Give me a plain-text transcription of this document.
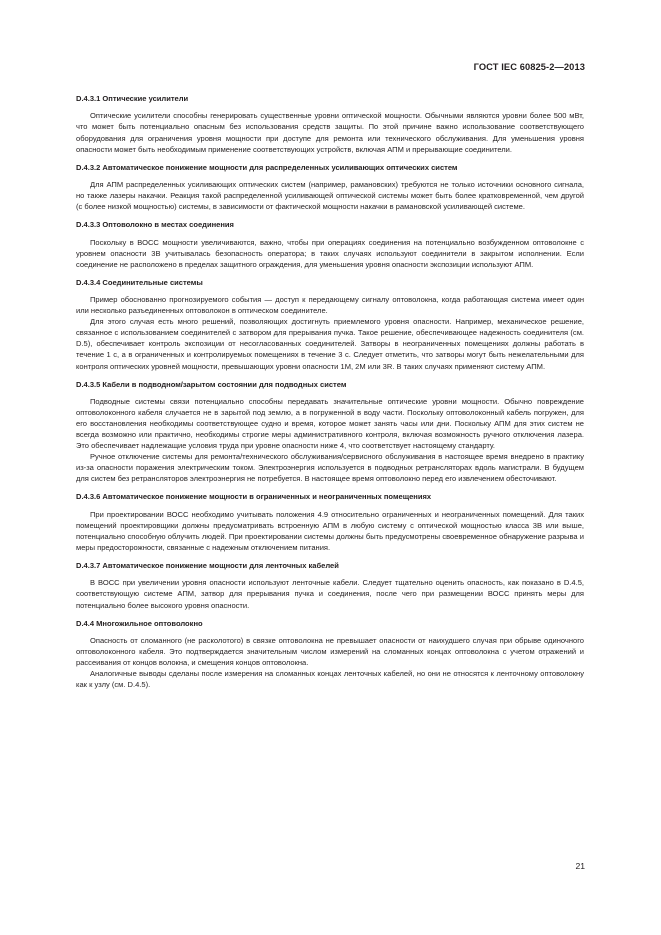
ГОСТ IEC 60825-2—2013
D.4.3.1 Оптические усилители

Оптические усилители способны генерировать существенные уровни оптической мощности. Обычными являются уровни более 500 мВт, что может быть потенциально опасным без использования средств защиты. По этой причине важно использование соответствующего оборудования для ограничения уровня мощности при доступе для ремонта или технического обслуживания. Для уменьшения уровня опасности может быть необходимым применение соответствующих устройств, включая АПМ и прерывающие соединители.

D.4.3.2 Автоматическое понижение мощности для распределенных усиливающих оптических систем

Для АПМ распределенных усиливающих оптических систем (например, рамановских) требуются не только источники основного сигнала, но также лазеры накачки. Реакция такой распределенной усиливающей оптической системы может быть более кратковременной, чем другой (с более низкой мощностью) системы, в зависимости от фактической мощности накачки в рамановской усиливающей системе.

D.4.3.3 Оптоволокно в местах соединения

Поскольку в ВОСС мощности увеличиваются, важно, чтобы при операциях соединения на потенциально возбужденном оптоволокне с уровнем опасности 3В учитывалась безопасность оператора; в таких случаях используют соединители в закрытом исполнении. Если соединение не расположено в пределах защитного ограждения, для уменьшения уровня опасности экспозиции используют АПМ.

D.4.3.4 Соединительные системы

Пример обоснованно прогнозируемого события — доступ к передающему сигналу оптоволокна, когда работающая система имеет один или несколько разъединенных оптоволокон в оптическом соединителе.

Для этого случая есть много решений, позволяющих достигнуть приемлемого уровня опасности. Например, механическое решение, связанное с использованием соединителей с затвором для прерывания пучка. Такое решение, обеспечивающее надежность соединителя (см. D.5), обеспечивает контроль экспозиции от несогласованных соединителей. Затворы в неограниченных помещениях должны работать в течение 1 с, а в ограниченных и контролируемых помещениях в течение 3 с. Следует отметить, что затворы могут быть нежелательными для контроля оптических уровней мощности, превышающих уровни опасности 1M, 2M или 3R. В таких случаях применяют систему АПМ.

D.4.3.5 Кабели в подводном/зарытом состоянии для подводных систем

Подводные системы связи потенциально способны передавать значительные оптические уровни мощности. Обычно повреждение оптоволоконного кабеля случается не в зарытой под землю, а в погруженной в воду части. Поскольку оптоволоконный кабель погружен, для его восстановления необходимы соответствующее судно и время, которое может занять часы или дни. Поскольку АПМ для этих систем не всегда возможно или практично, необходимы строгие меры административного контроля, включая возможность ручного отключения лазера. Это обеспечивает надлежащие условия труда при уровне опасности ниже 4, что соответствует настоящему стандарту.

Ручное отключение системы для ремонта/технического обслуживания/сервисного обслуживания в настоящее время внедрено в практику из-за опасности поражения электрическим током. Электроэнергия используется в подводных ретрансляторах вдоль магистрали. В будущем для систем без ретрансляторов электроэнергия не потребуется. В настоящее время оптоволокно перед его извлечением обесточивают.

D.4.3.6 Автоматическое понижение мощности в ограниченных и неограниченных помещениях

При проектировании ВОСС необходимо учитывать положения 4.9 относительно ограниченных и неограниченных помещений. Для таких помещений проектировщики должны предусматривать встроенную АПМ в любую систему с оптической мощностью класса 3В или выше, потенциально способную облучить людей. При проектировании системы должны быть предусмотрены своевременное обнаружение разрыва и меры предосторожности, связанные с надежным отключением питания.

D.4.3.7 Автоматическое понижение мощности для ленточных кабелей

В ВОСС при увеличении уровня опасности используют ленточные кабели. Следует тщательно оценить опасность, как показано в D.4.5, соответствующую системе АПМ, затвор для прерывания пучка и соединения, после чего при размещении ВОСС принять меры для потенциально более высокого уровня опасности.

D.4.4 Многожильное оптоволокно

Опасность от сломанного (не расколотого) в связке оптоволокна не превышает опасности от наихудшего случая при обрыве одиночного оптоволоконного кабеля. Это подтверждается значительным числом измерений на сломанных концах оптоволокна с учетом отражений и рассеивания от концов волокна, и смещения концов оптоволокна.

Аналогичные выводы сделаны после измерения на сломанных концах ленточных кабелей, но они не относятся к ленточному оптоволокну как к узлу (см. D.4.5).

21
